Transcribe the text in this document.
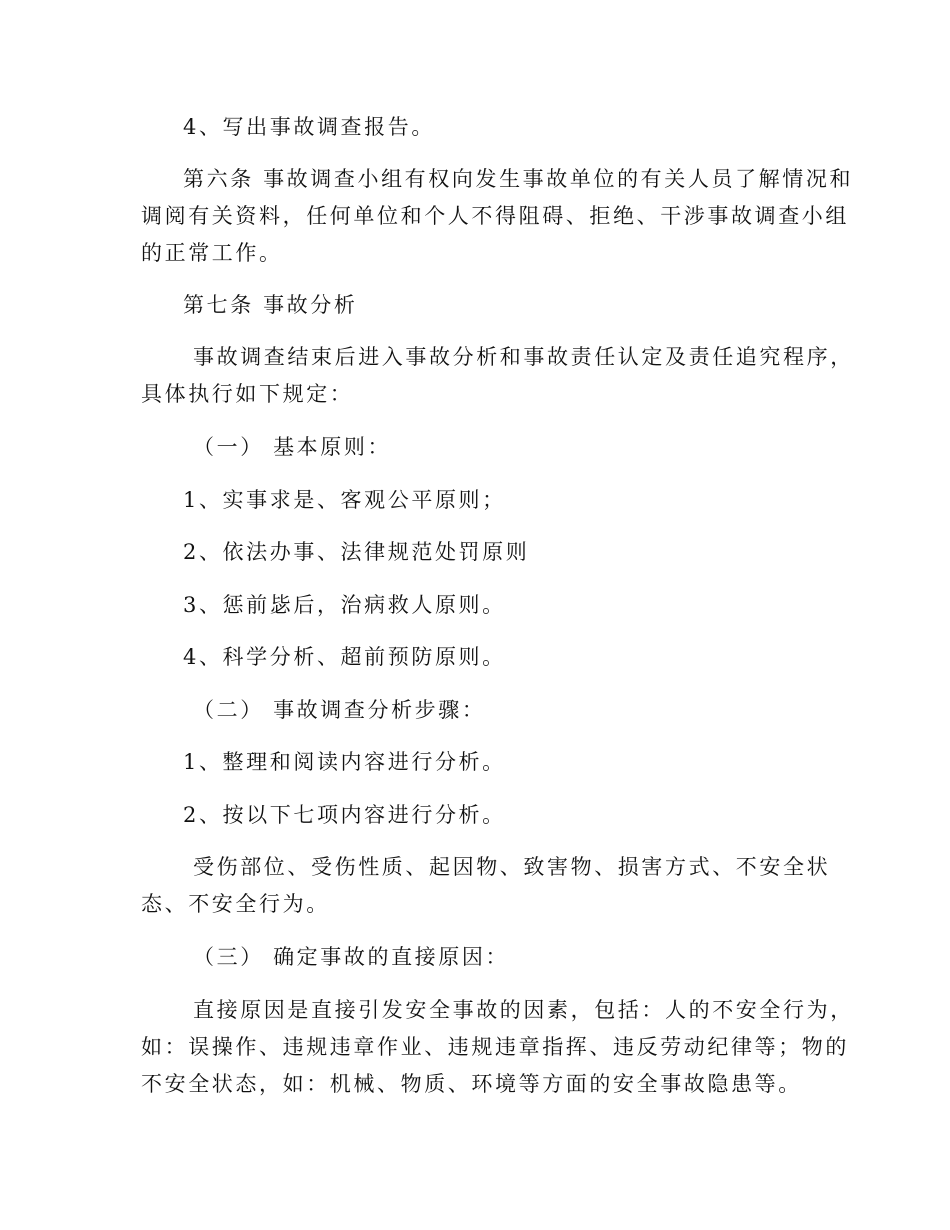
4、写出事故调查报告。
第六条 事故调查小组有权向发生事故单位的有关人员了解情况和
调阅有关资料，任何单位和个人不得阻碍、拒绝、干涉事故调查小组
的正常工作。
第七条 事故分析
事故调查结束后进入事故分析和事故责任认定及责任追究程序，
具体执行如下规定：
（一） 基本原则：
1、实事求是、客观公平原则；
2、依法办事、法律规范处罚原则
3、惩前毖后，治病救人原则。
4、科学分析、超前预防原则。
（二） 事故调查分析步骤：
1、整理和阅读内容进行分析。
2、按以下七项内容进行分析。
受伤部位、受伤性质、起因物、致害物、损害方式、不安全状
态、不安全行为。
（三） 确定事故的直接原因：
直接原因是直接引发安全事故的因素，包括：人的不安全行为，
如：误操作、违规违章作业、违规违章指挥、违反劳动纪律等；物的
不安全状态，如：机械、物质、环境等方面的安全事故隐患等。
